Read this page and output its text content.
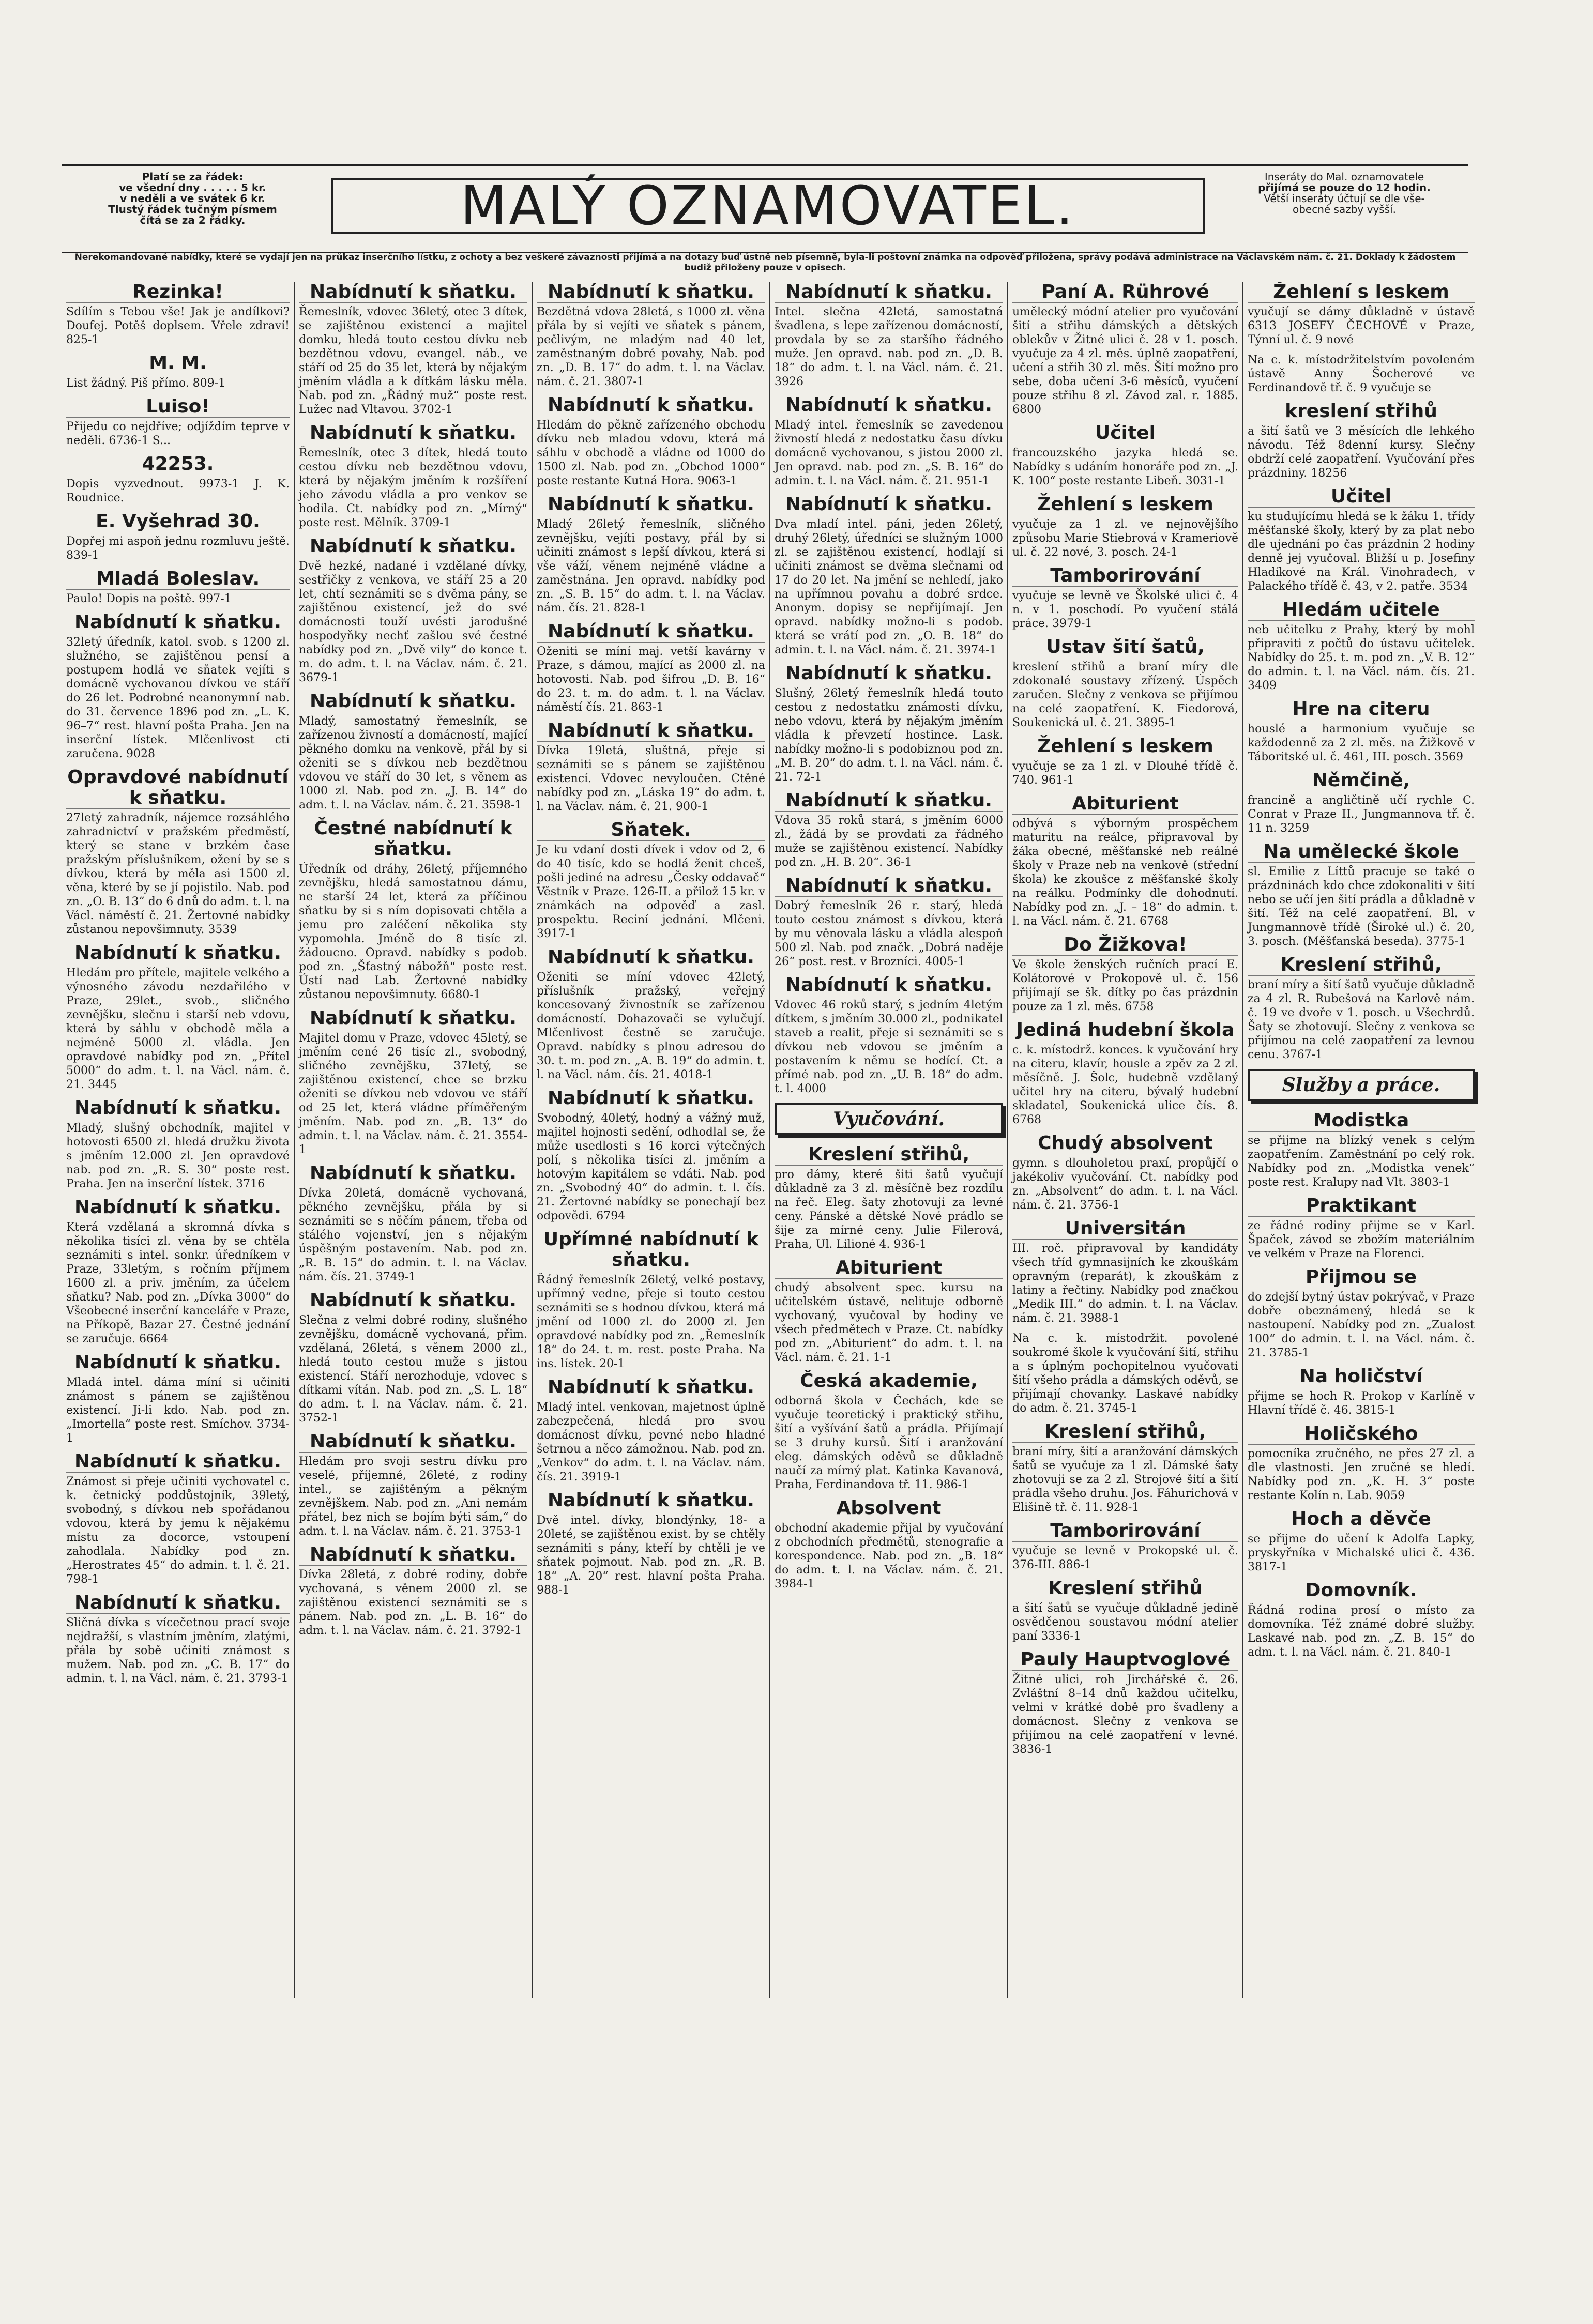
Platí se za řádek:
ve všední dny . . . . . 5 kr.
v neděli a ve svátek 6 kr.
Tlustý řádek tučným písmem
čítá se za 2 řádky.	MALÝ OZNAMOVATEL.	Inseráty do Mal. oznamovatele
přijímá se pouze do 12 hodin.
Větší inseráty účtují se dle vše-
obecné sazby vyšší.
Nerekomandované nabídky, které se vydají jen na průkaz inserčního lístku, z ochoty a bez veškeré závaznosti přijímá a na dotazy buď ústně neb písemně, byla-li poštovní známka na odpověď přiložena, správy podává administrace na Václavském nám. č. 21. Doklady k žádostem budiž přiloženy pouze v opisech.
Rezinka!
Sdílím s Tebou vše! Jak je andílkovi? Doufej. Potěš doplsem. Vřele zdraví! 825-1
M. M.
List žádný. Piš přímo. 809-1
Luiso!
Přijedu co nejdříve; odjíždím teprve v neděli. 6736-1 S...
42253.
Dopis vyzvednout. 9973-1 J. K. Roudnice.
E. Vyšehrad 30.
Dopřej mi aspoň jednu rozmluvu ještě. 839-1
Mladá Boleslav.
Paulo! Dopis na poště. 997-1
Nabídnutí k sňatku.
32letý úředník, katol. svob. s 1200 zl. služného, se zajištěnou pensí a postupem hodlá ve sňatek vejíti s domácně vychovanou dívkou ve stáří do 26 let. Podrobné neanonymní nab. do 31. července 1896 pod zn. „L. K. 96–7“ rest. hlavní pošta Praha. Jen na inserční lístek. Mlčenlivost cti zaručena. 9028
Opravdové nabídnutí k sňatku.
27letý zahradník, nájemce rozsáhlého zahradnictví v pražském předměstí, který se stane v brzkém čase pražským příslušníkem, ožení by se s dívkou, která by měla asi 1500 zl. věna, které by se jí pojistilo. Nab. pod zn. „O. B. 13“ do 6 dnů do adm. t. l. na Václ. náměstí č. 21. Žertovné nabídky zůstanou nepovšimnuty. 3539
Nabídnutí k sňatku.
Hledám pro přítele, majitele velkého a výnosného závodu nezdařilého v Praze, 29let., svob., sličného zevnějšku, slečnu i starší neb vdovu, která by sáhlu v obchodě měla a nejméně 5000 zl. vládla. Jen opravdové nabídky pod zn. „Přítel 5000“ do adm. t. l. na Václ. nám. č. 21. 3445
Nabídnutí k sňatku.
Mladý, slušný obchodník, majitel v hotovosti 6500 zl. hledá družku života s jměním 12.000 zl. Jen opravdové nab. pod zn. „R. S. 30“ poste rest. Praha. Jen na inserční lístek. 3716
Nabídnutí k sňatku.
Která vzdělaná a skromná dívka s několika tisíci zl. věna by se chtěla seznámiti s intel. sonkr. úředníkem v Praze, 33letým, s ročním příjmem 1600 zl. a priv. jměním, za účelem sňatku? Nab. pod zn. „Dívka 3000“ do Všeobecné inserční kanceláře v Praze, na Příkopě, Bazar 27. Čestné jednání se zaručuje. 6664
Nabídnutí k sňatku.
Mladá intel. dáma míní si učiniti známost s pánem se zajištěnou existencí. Ji-li kdo. Nab. pod zn. „Imortella“ poste rest. Smíchov. 3734-1
Nabídnutí k sňatku.
Známost si přeje učiniti vychovatel c. k. četnický poddůstojník, 39letý, svobodný, s dívkou neb spořádanou vdovou, která by jemu k nějakému místu za docorce, vstoupení zahodlala. Nabídky pod zn. „Herostrates 45“ do admin. t. l. č. 21. 798-1
Nabídnutí k sňatku.
Sličná dívka s vícečetnou prací svoje nejdražší, s vlastním jměním, zlatými, přála by sobě učiniti známost s mužem. Nab. pod zn. „C. B. 17“ do admin. t. l. na Václ. nám. č. 21. 3793-1
Nabídnutí k sňatku.
Řemeslník, vdovec 36letý, otec 3 dítek, se zajištěnou existencí a majitel domku, hledá touto cestou dívku neb bezdětnou vdovu, evangel. náb., ve stáří od 25 do 35 let, která by nějakým jměním vládla a k dítkám lásku měla. Nab. pod zn. „Řádný muž“ poste rest. Lužec nad Vltavou. 3702-1
Nabídnutí k sňatku.
Řemeslník, otec 3 dítek, hledá touto cestou dívku neb bezdětnou vdovu, která by nějakým jměním k rozšíření jeho závodu vládla a pro venkov se hodila. Ct. nabídky pod zn. „Mírný“ poste rest. Mělník. 3709-1
Nabídnutí k sňatku.
Dvě hezké, nadané i vzdělané dívky, sestřičky z venkova, ve stáří 25 a 20 let, chtí seznámiti se s dvěma pány, se zajištěnou existencí, jež do své domácnosti touží uvésti jarodušné hospodyňky nechť zašlou své čestné nabídky pod zn. „Dvě vily“ do konce t. m. do adm. t. l. na Václav. nám. č. 21. 3679-1
Nabídnutí k sňatku.
Mladý, samostatný řemeslník, se zařízenou živností a domácností, mající pěkného domku na venkově, přál by si oženiti se s dívkou neb bezdětnou vdovou ve stáří do 30 let, s věnem as 1000 zl. Nab. pod zn. „J. B. 14“ do adm. t. l. na Václav. nám. č. 21. 3598-1
Čestné nabídnutí k sňatku.
Úředník od dráhy, 26letý, příjemného zevnějšku, hledá samostatnou dámu, ne starší 24 let, která za příčinou sňatku by si s ním dopisovati chtěla a jemu pro zaléčení několika sty vypomohla. Jméně do 8 tisíc zl. žádoucno. Opravd. nabídky s podob. pod zn. „Šťastný nábožň“ poste rest. Ústí nad Lab. Žertovné nabídky zůstanou nepovšimnuty. 6680-1
Nabídnutí k sňatku.
Majitel domu v Praze, vdovec 45letý, se jměním cené 26 tisíc zl., svobodný, sličného zevnějšku, 37letý, se zajištěnou existencí, chce se brzku oženiti se dívkou neb vdovou ve stáří od 25 let, která vládne příměřeným jměním. Nab. pod zn. „B. 13“ do admin. t. l. na Václav. nám. č. 21. 3554-1
Nabídnutí k sňatku.
Dívka 20letá, domácně vychovaná, pěkného zevnějšku, přála by si seznámiti se s něčím pánem, třeba od stálého vojenství, jen s nějakým úspěšným postavením. Nab. pod zn. „R. B. 15“ do admin. t. l. na Václav. nám. čís. 21. 3749-1
Nabídnutí k sňatku.
Slečna z velmi dobré rodiny, slušného zevnějšku, domácně vychovaná, přim. vzdělaná, 26letá, s věnem 2000 zl., hledá touto cestou muže s jistou existencí. Stáří nerozhoduje, vdovec s dítkami vítán. Nab. pod zn. „S. L. 18“ do adm. t. l. na Václav. nám. č. 21. 3752-1
Nabídnutí k sňatku.
Hledám pro svoji sestru dívku pro veselé, příjemné, 26leté, z rodiny intel., se zajištěným a pěkným zevnějškem. Nab. pod zn. „Ani nemám přátel, bez nich se bojím býti sám,“ do adm. t. l. na Václav. nám. č. 21. 3753-1
Nabídnutí k sňatku.
Dívka 28letá, z dobré rodiny, dobře vychovaná, s věnem 2000 zl. se zajištěnou existencí seznámiti se s pánem. Nab. pod zn. „L. B. 16“ do adm. t. l. na Václav. nám. č. 21. 3792-1
Nabídnutí k sňatku.
Bezdětná vdova 28letá, s 1000 zl. věna přála by si vejíti ve sňatek s pánem, pečlivým, ne mladým nad 40 let, zaměstnaným dobré povahy, Nab. pod zn. „D. B. 17“ do adm. t. l. na Václav. nám. č. 21. 3807-1
Nabídnutí k sňatku.
Hledám do pěkně zařízeného obchodu dívku neb mladou vdovu, která má sáhlu v obchodě a vládne od 1000 do 1500 zl. Nab. pod zn. „Obchod 1000“ poste restante Kutná Hora. 9063-1
Nabídnutí k sňatku.
Mladý 26letý řemeslník, sličného zevnějšku, vejíti postavy, přál by si učiniti známost s lepší dívkou, která si vše váží, věnem nejméně vládne a zaměstnána. Jen opravd. nabídky pod zn. „S. B. 15“ do adm. t. l. na Václav. nám. čís. 21. 828-1
Nabídnutí k sňatku.
Oženiti se míní maj. vetší kavárny v Praze, s dámou, mající as 2000 zl. na hotovosti. Nab. pod šifrou „D. B. 16“ do 23. t. m. do adm. t. l. na Václav. náměstí čís. 21. 863-1
Nabídnutí k sňatku.
Dívka 19letá, sluštná, přeje si seznámiti se s pánem se zajištěnou existencí. Vdovec nevyloučen. Ctěné nabídky pod zn. „Láska 19“ do adm. t. l. na Václav. nám. č. 21. 900-1
Sňatek.
Je ku vdaní dosti dívek i vdov od 2, 6 do 40 tisíc, kdo se hodlá ženit chceš, pošli jediné na adresu „Česky oddavač“ Věstník v Praze. 126-II. a přilož 15 kr. v známkách na odpověď a zasl. prospektu. Reciní jednání. Mlčeni. 3917-1
Nabídnutí k sňatku.
Oženiti se míní vdovec 42letý, příslušník pražský, veřejný koncesovaný živnostník se zařízenou domácností. Dohazovači se vylučují. Mlčenlivost čestně se zaručuje. Opravd. nabídky s plnou adresou do 30. t. m. pod zn. „A. B. 19“ do admin. t. l. na Václ. nám. čís. 21. 4018-1
Nabídnutí k sňatku.
Svobodný, 40letý, hodný a vážný muž, majitel hojnosti sedění, odhodlal se, že může usedlosti s 16 korci výtečných polí, s několika tisíci zl. jměním a hotovým kapitálem se vdáti. Nab. pod zn. „Svobodný 40“ do admin. t. l. čís. 21. Žertovné nabídky se ponechají bez odpovědi. 6794
Upřímné nabídnutí k sňatku.
Řádný řemeslník 26letý, velké postavy, upřímný vedne, přeje si touto cestou seznámiti se s hodnou dívkou, která má jmění od 1000 zl. do 2000 zl. Jen opravdové nabídky pod zn. „Řemeslník 18“ do 24. t. m. rest. poste Praha. Na ins. lístek. 20-1
Nabídnutí k sňatku.
Mladý intel. venkovan, majetnost úplně zabezpečená, hledá pro svou domácnost dívku, pevné nebo hladné šetrnou a něco zámožnou. Nab. pod zn. „Venkov“ do adm. t. l. na Václav. nám. čís. 21. 3919-1
Nabídnutí k sňatku.
Dvě intel. dívky, blondýnky, 18- a 20leté, se zajištěnou exist. by se chtěly seznámiti s pány, kteří by chtěli je ve sňatek pojmout. Nab. pod zn. „R. B. 18“ „A. 20“ rest. hlavní pošta Praha. 988-1
Nabídnutí k sňatku.
Intel. slečna 42letá, samostatná švadlena, s lepe zařízenou domácností, provdala by se za staršího řádného muže. Jen opravd. nab. pod zn. „D. B. 18“ do adm. t. l. na Václ. nám. č. 21. 3926
Nabídnutí k sňatku.
Mladý intel. řemeslník se zavedenou živností hledá z nedostatku času dívku domácně vychovanou, s jistou 2000 zl. Jen opravd. nab. pod zn. „S. B. 16“ do admin. t. l. na Václ. nám. č. 21. 951-1
Nabídnutí k sňatku.
Dva mladí intel. páni, jeden 26letý, druhý 26letý, úředníci se služným 1000 zl. se zajištěnou existencí, hodlají si učiniti známost se dvěma slečnami od 17 do 20 let. Na jmění se nehledí, jako na upřímnou povahu a dobré srdce. Anonym. dopisy se nepřijímají. Jen opravd. nabídky možno-li s podob. která se vrátí pod zn. „O. B. 18“ do admin. t. l. na Václ. nám. č. 21. 3974-1
Nabídnutí k sňatku.
Slušný, 26letý řemeslník hledá touto cestou z nedostatku známosti dívku, nebo vdovu, která by nějakým jměním vládla k převzetí hostince. Lask. nabídky možno-li s podobiznou pod zn. „M. B. 20“ do adm. t. l. na Václ. nám. č. 21. 72-1
Nabídnutí k sňatku.
Vdova 35 roků stará, s jměním 6000 zl., žádá by se provdati za řádného muže se zajištěnou existencí. Nabídky pod zn. „H. B. 20“. 36-1
Nabídnutí k sňatku.
Dobrý řemeslník 26 r. starý, hledá touto cestou známost s dívkou, která by mu věnovala lásku a vládla alespoň 500 zl. Nab. pod značk. „Dobrá naděje 26“ post. rest. v Brozníci. 4005-1
Nabídnutí k sňatku.
Vdovec 46 roků starý, s jedním 4letým dítkem, s jměním 30.000 zl., podnikatel staveb a realit, přeje si seznámiti se s dívkou neb vdovou se jměním a postavením k němu se hodící. Ct. a přímé nab. pod zn. „U. B. 18“ do adm. t. l. 4000
Vyučování.
Kreslení střihů,
pro dámy, které šiti šatů vyučují důkladně za 3 zl. měsíčně bez rozdílu na řeč. Eleg. šaty zhotovuji za levné ceny. Pánské a dětské Nové prádlo se šije za mírné ceny. Julie Filerová, Praha, Ul. Lilioné 4. 936-1
Abiturient
chudý absolvent spec. kursu na učitelském ústavě, nelituje odborně vychovaný, vyučoval by hodiny ve všech předmětech v Praze. Ct. nabídky pod zn. „Abiturient“ do adm. t. l. na Václ. nám. č. 21. 1-1
Česká akademie,
odborná škola v Čechách, kde se vyučuje teoretický i praktický střihu, šití a vyšívání šatů a prádla. Přijímají se 3 druhy kursů. Šití i aranžování eleg. dámských oděvů se důkladně naučí za mírný plat. Katinka Kavanová, Praha, Ferdinandova tř. 11. 986-1
Absolvent
obchodní akademie přijal by vyučování z obchodních předmětů, stenografie a korespondence. Nab. pod zn. „B. 18“ do adm. t. l. na Václav. nám. č. 21. 3984-1
Paní A. Rührové
umělecký módní atelier pro vyučování šití a střihu dámských a dětských oblekův v Žitné ulici č. 28 v 1. posch. vyučuje za 4 zl. měs. úplně zaopatření, učení a střih 30 zl. měs. Šití možno pro sebe, doba učení 3-6 měsíců, vyučení pouze střihu 8 zl. Závod zal. r. 1885. 6800
Učitel
francouzského jazyka hledá se. Nabídky s udáním honoráře pod zn. „J. K. 100“ poste restante Libeň. 3031-1
Žehlení s leskem
vyučuje za 1 zl. ve nejnovějšího způsobu Marie Stiebrová v Krameriově ul. č. 22 nové, 3. posch. 24-1
Tamborirování
vyučuje se levně ve Školské ulici č. 4 n. v 1. poschodí. Po vyučení stálá práce. 3979-1
Ustav šití šatů,
kreslení střihů a braní míry dle zdokonalé soustavy zřízený. Úspěch zaručen. Slečny z venkova se přijímou na celé zaopatření. K. Fiedorová, Soukenická ul. č. 21. 3895-1
Žehlení s leskem
vyučuje se za 1 zl. v Dlouhé třídě č. 740. 961-1
Abiturient
odbývá s výborným prospěchem maturitu na reálce, připravoval by žáka obecné, měšťanské neb reálné školy v Praze neb na venkově (střední škola) ke zkoušce z měšťanské školy na reálku. Podmínky dle dohodnutí. Nabídky pod zn. „J. – 18“ do admin. t. l. na Václ. nám. č. 21. 6768
Do Žižkova!
Ve škole ženských ručních prací E. Kolátorové v Prokopově ul. č. 156 přijímají se šk. dítky po čas prázdnin pouze za 1 zl. měs. 6758
Jediná hudební škola
c. k. místodrž. konces. k vyučování hry na citeru, klavír, housle a zpěv za 2 zl. měsíčně. J. Šolc, hudebně vzdělaný učitel hry na citeru, bývalý hudební skladatel, Soukenická ulice čís. 8. 6768
Chudý absolvent
gymn. s dlouholetou praxí, propůjčí o jakékoliv vyučování. Ct. nabídky pod zn. „Absolvent“ do adm. t. l. na Václ. nám. č. 21. 3756-1
Universitán
III. roč. připravoval by kandidáty všech tříd gymnasijních ke zkouškám opravným (reparát), k zkouškám z latiny a řečtiny. Nabídky pod značkou „Medik III.“ do admin. t. l. na Václav. nám. č. 21. 3988-1
Na c. k. místodržit. povolené soukromé škole k vyučování šití, střihu a s úplným pochopitelnou vyučovati šití všeho prádla a dámských oděvů, se přijímají chovanky. Laskavé nabídky do adm. č. 21. 3745-1
Kreslení střihů,
braní míry, šití a aranžování dámských šatů se vyučuje za 1 zl. Dámské šaty zhotovuji se za 2 zl. Strojové šití a šití prádla všeho druhu. Jos. Fáhurichová v Elišině tř. č. 11. 928-1
Tamborirování
vyučuje se levně v Prokopské ul. č. 376-III. 886-1
Kreslení střihů
a šití šatů se vyučuje důkladně jedině osvědčenou soustavou módní atelier paní 3336-1
Pauly Hauptvoglové
Žitné ulici, roh Jirchářské č. 26. Zvláštní 8–14 dnů každou učitelku, velmi v krátké době pro švadleny a domácnost. Slečny z venkova se přijímou na celé zaopatření v levné. 3836-1
Žehlení s leskem
vyučují se dámy důkladně v ústavě 6313 JOSEFY ČECHOVÉ v Praze, Týnní ul. č. 9 nové
Na c. k. místodržitelstvím povoleném ústavě Anny Šocherové ve Ferdinandově tř. č. 9 vyučuje se
kreslení střihů
a šití šatů ve 3 měsících dle lehkého návodu. Též 8denní kursy. Slečny obdrží celé zaopatření. Vyučování přes prázdniny. 18256
Učitel
ku studujícímu hledá se k žáku 1. třídy měšťanské školy, který by za plat nebo dle ujednání po čas prázdnin 2 hodiny denně jej vyučoval. Bližší u p. Josefiny Hladíkové na Král. Vinohradech, v Palackého třídě č. 43, v 2. patře. 3534
Hledám učitele
neb učitelku z Prahy, který by mohl připraviti z počtů do ústavu učitelek. Nabídky do 25. t. m. pod zn. „V. B. 12“ do admin. t. l. na Václ. nám. čís. 21. 3409
Hre na citeru
houslé a harmonium vyučuje se každodenně za 2 zl. měs. na Žižkově v Táboritské ul. č. 461, III. posch. 3569
Němčině,
francině a angličtině učí rychle C. Conrat v Praze II., Jungmannova tř. č. 11 n. 3259
Na umělecké škole
sl. Emilie z Líttů pracuje se také o prázdninách kdo chce zdokonaliti v šití nebo se učí jen šití prádla a důkladně v šití. Též na celé zaopatření. Bl. v Jungmannově třídě (Široké ul.) č. 20, 3. posch. (Měšťanská beseda). 3775-1
Kreslení střihů,
braní míry a šití šatů vyučuje důkladně za 4 zl. R. Rubešová na Karlově nám. č. 19 ve dvoře v 1. posch. u Všechrdů. Šaty se zhotovují. Slečny z venkova se přijímou na celé zaopatření za levnou cenu. 3767-1
Služby a práce.
Modistka
se přijme na blízký venek s celým zaopatřením. Zaměstnání po celý rok. Nabídky pod zn. „Modistka venek“ poste rest. Kralupy nad Vlt. 3803-1
Praktikant
ze řádné rodiny přijme se v Karl. Špaček, závod se zbožím materiálním ve velkém v Praze na Florenci.
Přijmou se
do zdejší bytný ústav pokrývač, v Praze dobře obeznámený, hledá se k nastoupení. Nabídky pod zn. „Zualost 100“ do admin. t. l. na Václ. nám. č. 21. 3785-1
Na holičství
přijme se hoch R. Prokop v Karlíně v Hlavní třídě č. 46. 3815-1
Holičského
pomocníka zručného, ne přes 27 zl. a dle vlastnosti. Jen zručné se hledí. Nabídky pod zn. „K. H. 3“ poste restante Kolín n. Lab. 9059
Hoch a děvče
se přijme do učení k Adolfa Lapky, pryskyřníka v Michalské ulici č. 436. 3817-1
Domovník.
Řádná rodina prosí o místo za domovníka. Též známé dobré služby. Laskavé nab. pod zn. „Z. B. 15“ do adm. t. l. na Václ. nám. č. 21. 840-1
